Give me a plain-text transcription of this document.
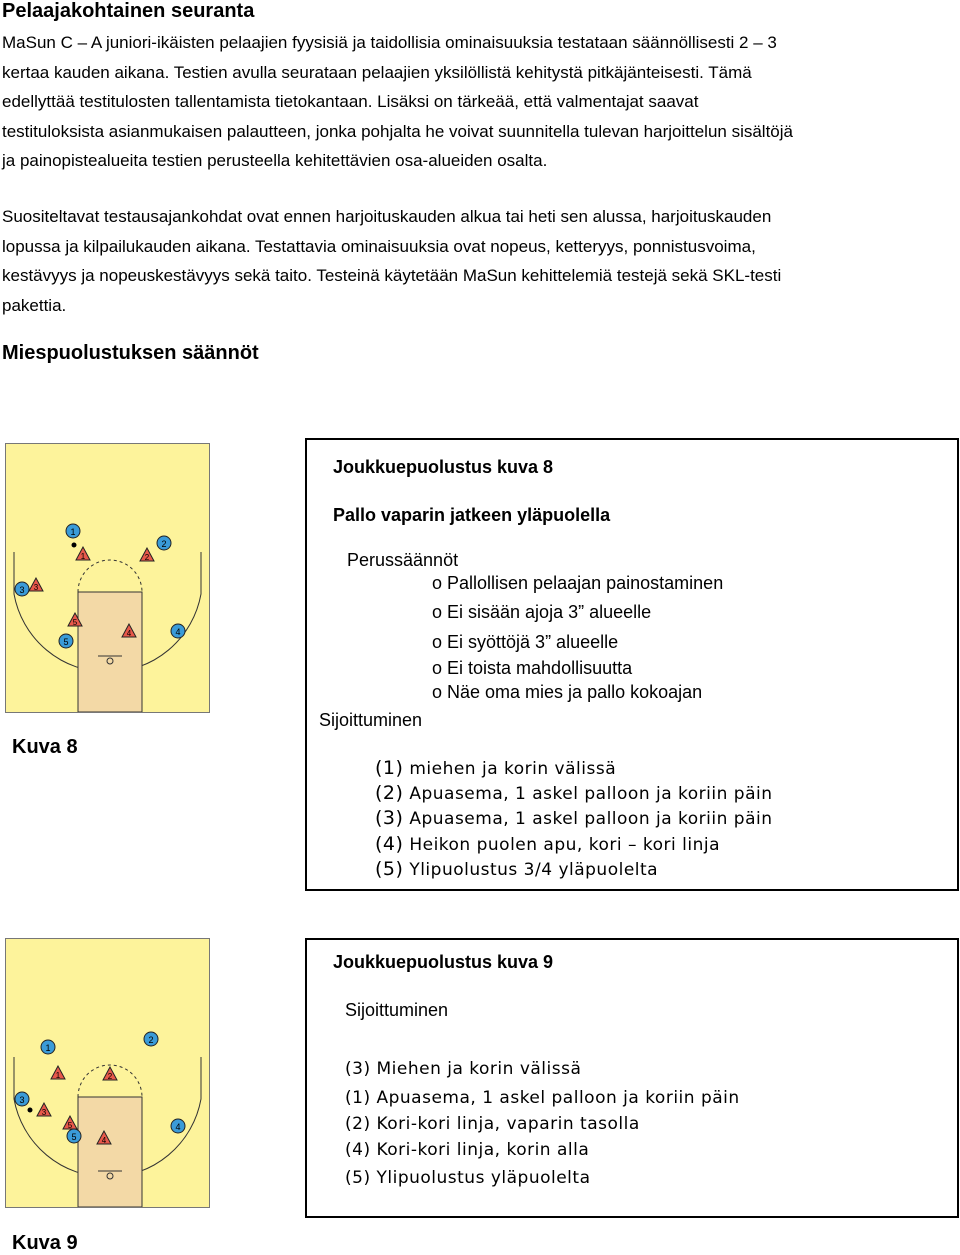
Pelaajakohtainen seuranta
MaSun C – A juniori-ikäisten pelaajien fyysisiä ja taidollisia ominaisuuksia testataan säännöllisesti 2 – 3
kertaa kauden aikana. Testien avulla seurataan pelaajien yksilöllistä kehitystä pitkäjänteisesti. Tämä
edellyttää testitulosten tallentamista tietokantaan. Lisäksi on tärkeää, että valmentajat saavat
testituloksista asianmukaisen palautteen, jonka pohjalta he voivat suunnitella tulevan harjoittelun sisältöjä
ja painopistealueita testien perusteella kehitettävien osa-alueiden osalta.
Suositeltavat testausajankohdat ovat ennen harjoituskauden alkua tai heti sen alussa, harjoituskauden
lopussa ja kilpailukauden aikana. Testattavia ominaisuuksia ovat nopeus, ketteryys, ponnistusvoima,
kestävyys ja nopeuskestävyys sekä taito. Testeinä käytetään MaSun kehittelemiä testejä sekä SKL-testi
pakettia.
Miespuolustuksen säännöt
1
2
3
4
5
1	2
3
4
5
Kuva 8
Joukkuepuolustus kuva 8
Pallo vaparin jatkeen yläpuolella
Perussäännöt
o Pallollisen pelaajan painostaminen
o Ei sisään ajoja 3” alueelle
o Ei syöttöjä 3” alueelle
o Ei toista mahdollisuutta
o Näe oma mies ja pallo kokoajan
Sijoittuminen
(1) miehen ja korin välissä
(2) Apuasema, 1 askel palloon ja koriin päin
(3) Apuasema, 1 askel palloon ja koriin päin
(4) Heikon puolen apu, kori – kori linja
(5) Ylipuolustus 3/4 yläpuolelta
1
2
3
4
5
1	2
3
4
5
Kuva 9
Joukkuepuolustus kuva 9
Sijoittuminen
(3) Miehen ja korin välissä
(1) Apuasema, 1 askel palloon ja koriin päin
(2) Kori-kori linja, vaparin tasolla
(4) Kori-kori linja, korin alla
(5) Ylipuolustus yläpuolelta
